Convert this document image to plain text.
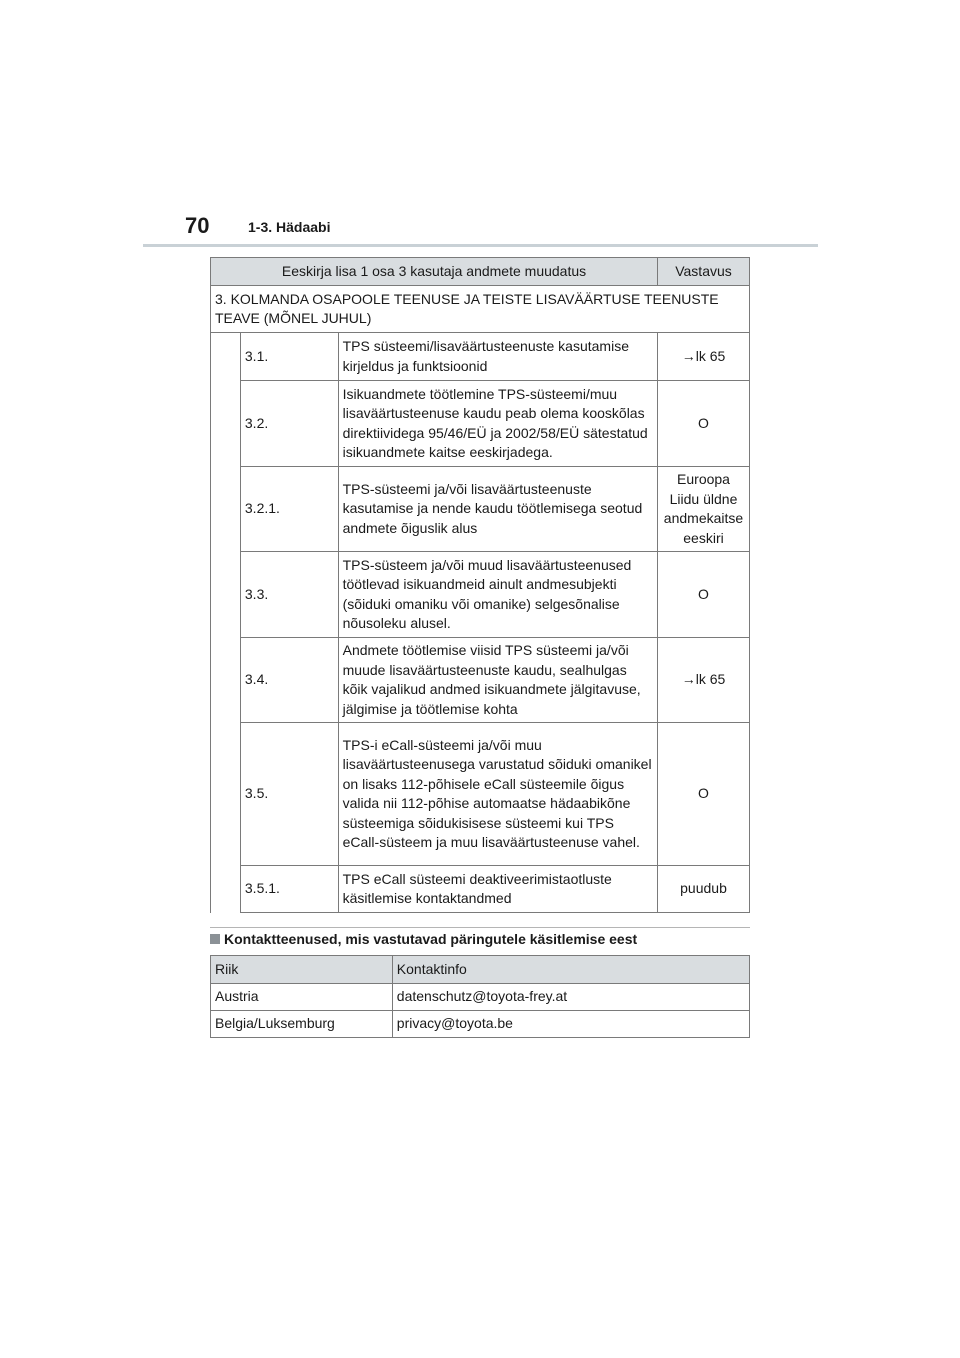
70	1-3. Hädaabi
Eeskirja lisa 1 osa 3 kasutaja andmete muudatus			Vastavus
3. KOLMANDA OSAPOOLE TEENUSE JA TEISTE LISAVÄÄRTUSE TEENUSTE TEAVE (MÕNEL JUHUL)			
	3.1.	TPS süsteemi/lisaväärtusteenuste kasutamise kirjeldus ja funktsioonid	→lk 65
	3.2.	Isikuandmete töötlemine TPS-süsteemi/muu lisaväärtusteenuse kaudu peab olema kooskõlas direktiividega 95/46/EÜ ja 2002/58/EÜ sätestatud isikuandmete kaitse eeskirjadega.	O
	3.2.1.	TPS-süsteemi ja/või lisaväärtusteenuste kasutamise ja nende kaudu töötlemisega seotud andmete õiguslik alus	Euroopa Liidu üldne andmekaitse eeskiri
	3.3.	TPS-süsteem ja/või muud lisaväärtusteenused töötlevad isikuandmeid ainult andmesubjekti (sõiduki omaniku või omanike) selgesõnalise nõusoleku alusel.	O
	3.4.	Andmete töötlemise viisid TPS süsteemi ja/või muude lisaväärtusteenuste kaudu, sealhulgas kõik vajalikud andmed isikuandmete jälgitavuse, jälgimise ja töötlemise kohta	→lk 65
	3.5.	TPS-i eCall-süsteemi ja/või muu lisaväärtusteenusega varustatud sõiduki omanikel on lisaks 112-põhisele eCall süsteemile õigus valida nii 112-põhise automaatse hädaabikõne süsteemiga sõidukisisese süsteemi kui TPS eCall-süsteem ja muu lisaväärtusteenuse vahel.	O
	3.5.1.	TPS eCall süsteemi deaktiveerimistaotluste käsitlemise kontaktandmed	puudub
Kontaktteenused, mis vastutavad päringutele käsitlemise eest
Riik	Kontaktinfo
Austria	datenschutz@toyota-frey.at
Belgia/Luksemburg	privacy@toyota.be
